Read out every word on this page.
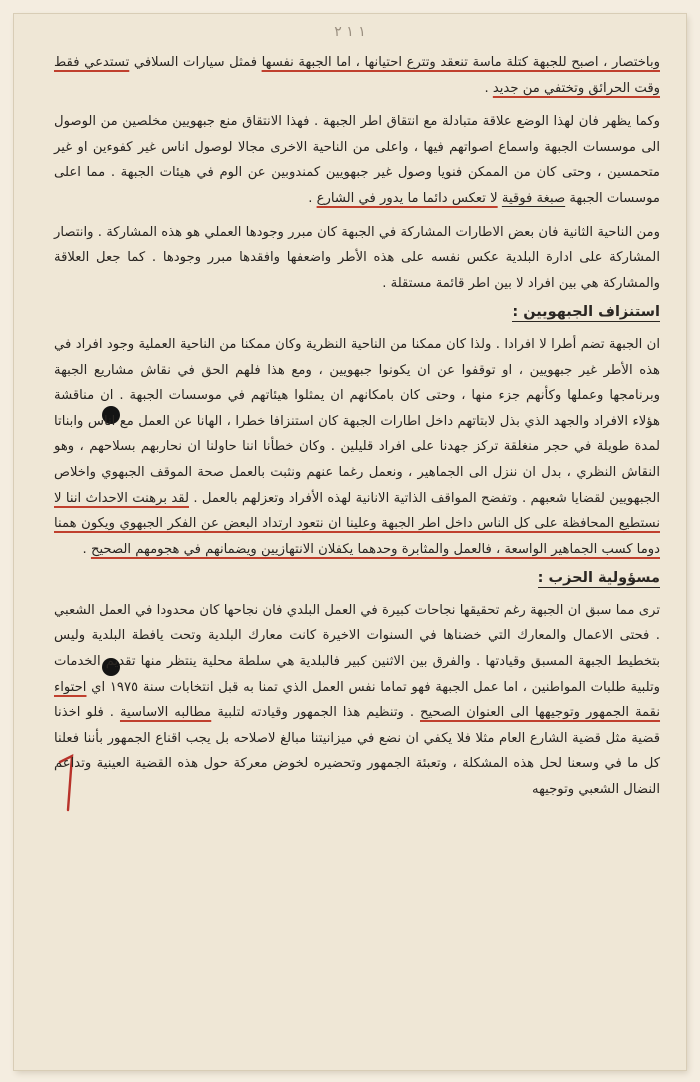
۲ ۱ ۱

وباختصار ، اصبح للجبهة كتلة ماسة تنعقد وتترع احتيانها ، اما الجبهة نفسها فمثل سيارات السلافي تستدعي فقط وقت الحرائق وتختفي من جديد .

وكما يظهر فان لهذا الوضع علاقة متبادلة مع انتقاق اطر الجبهة . فهذا الانتقاق منع جبهويين مخلصين من الوصول الى موسسات الجبهة واسماع اصواتهم فيها ، واعلى من الناحية الاخرى مجالا لوصول اناس غير كفوءين او غير متحمسين ، وحتى كان من الممكن فنويا وصول غير جبهويين كمندوبين عن الوم في هيئات الجبهة . مما اعلى موسسات الجبهة صبغة فوقية لا تعكس دائما ما يدور في الشارع .

ومن الناحية الثانية فان بعض الاطارات المشاركة في الجبهة كان مبرر وجودها العملي هو هذه المشاركة . وانتصار المشاركة على ادارة البلدية عكس نفسه على هذه الأطر واضعفها وافقدها مبرر وجودها . كما جعل العلاقة والمشاركة هي بين افراد لا بين اطر قائمة مستقلة .

استنزاف الجبهويين :

ان الجبهة تضم أطرا لا افرادا . ولذا كان ممكنا من الناحية النظرية وكان ممكنا من الناحية العملية وجود افراد في هذه الأطر غير جبهويين ، او توقفوا عن ان يكونوا جبهويين ، ومع هذا فلهم الحق في نقاش مشاريع الجبهة وبرنامجها وعملها وكأنهم جزء منها ، وحتى كان بامكانهم ان يمثلوا هيئاتهم في موسسات الجبهة . ان مناقشة هؤلاء الافراد والجهد الذي بذل لابتاتهم داخل اطارات الجبهة كان استنزافا خطرا ، الهانا عن العمل مع اناس وابناتا لمدة طويلة في حجر منغلقة تركز جهدنا على افراد قليلين . وكان خطأنا اننا حاولنا ان نحاربهم بسلاحهم ، وهو النقاش النظري ، بدل ان ننزل الى الجماهير ، ونعمل رغما عنهم ونثبت بالعمل صحة الموقف الجبهوي واخلاص الجبهويين لقضايا شعبهم . وتفضح المواقف الذاتية الانانية لهذه الأفراد وتعزلهم بالعمل . لقد برهنت الاحداث اننا لا نستطيع المحافظة على كل الناس داخل اطر الجبهة وعلينا ان نتعود ارتداد البعض عن الفكر الجبهوي ويكون همنا دوما كسب الجماهير الواسعة ، فالعمل والمثابرة وحدهما يكفلان الانتهازيين ويضمانهم في هجومهم الصحيح .

مسؤولية الحزب :

ترى مما سبق ان الجبهة رغم تحقيقها نجاحات كبيرة في العمل البلدي فان نجاحها كان محدودا في العمل الشعبي . فحتى الاعمال والمعارك التي خضناها في السنوات الاخيرة كانت معارك البلدية وتحت يافطة البلدية وليس بتخطيط الجبهة المسبق وقيادتها . والفرق بين الاثنين كبير فالبلدية هي سلطة محلية ينتظر منها تقديم الخدمات وتلبية طلبات المواطنين ، اما عمل الجبهة فهو تماما نفس العمل الذي تمنا به قبل انتخابات سنة ١٩٧٥ اي احتواء نقمة الجمهور وتوجيهها الى العنوان الصحيح . وتنظيم هذا الجمهور وقيادته لتلبية مطالبه الاساسية . فلو اخذنا قضية مثل قضية الشارع العام مثلا فلا يكفي ان نضع في ميزانيتنا مبالغ لاصلاحه بل يجب اقناع الجمهور بأننا فعلنا كل ما في وسعنا لحل هذه المشكلة ، وتعبئة الجمهور وتحضيره لخوض معركة حول هذه القضية العينية وتداعم النضال الشعبي وتوجيهه
